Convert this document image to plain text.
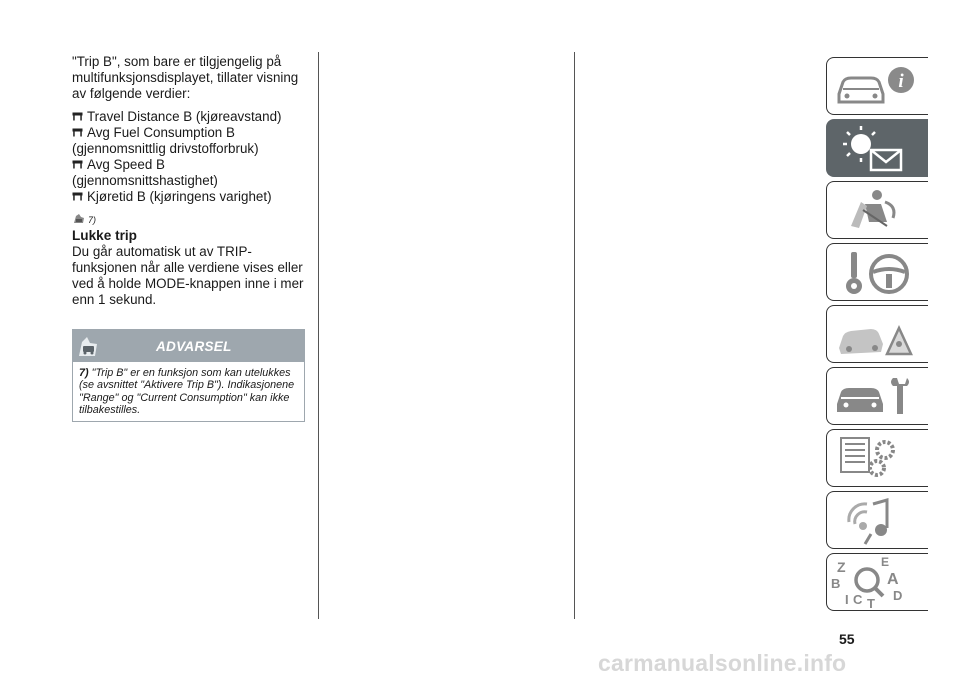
"Trip B", som bare er tilgjengelig på multifunksjonsdisplayet, tillater visning av følgende verdier:

Travel Distance B (kjøreavstand)
Avg Fuel Consumption B (gjennomsnittlig drivstofforbruk)
Avg Speed B (gjennomsnittshastighet)
Kjøretid B (kjøringens varighet)
7)
Lukke trip

Du går automatisk ut av TRIP-funksjonen når alle verdiene vises eller ved å holde MODE-knappen inne i mer enn 1 sekund.

ADVARSEL
7) "Trip B" er en funksjon som kan utelukkes (se avsnittet "Aktivere Trip B"). Indikasjonene "Range" og "Current Consumption" kan ikke tilbakestilles.
i
Z	E
B	A
I C T
D
55
carmanualsonline.info
